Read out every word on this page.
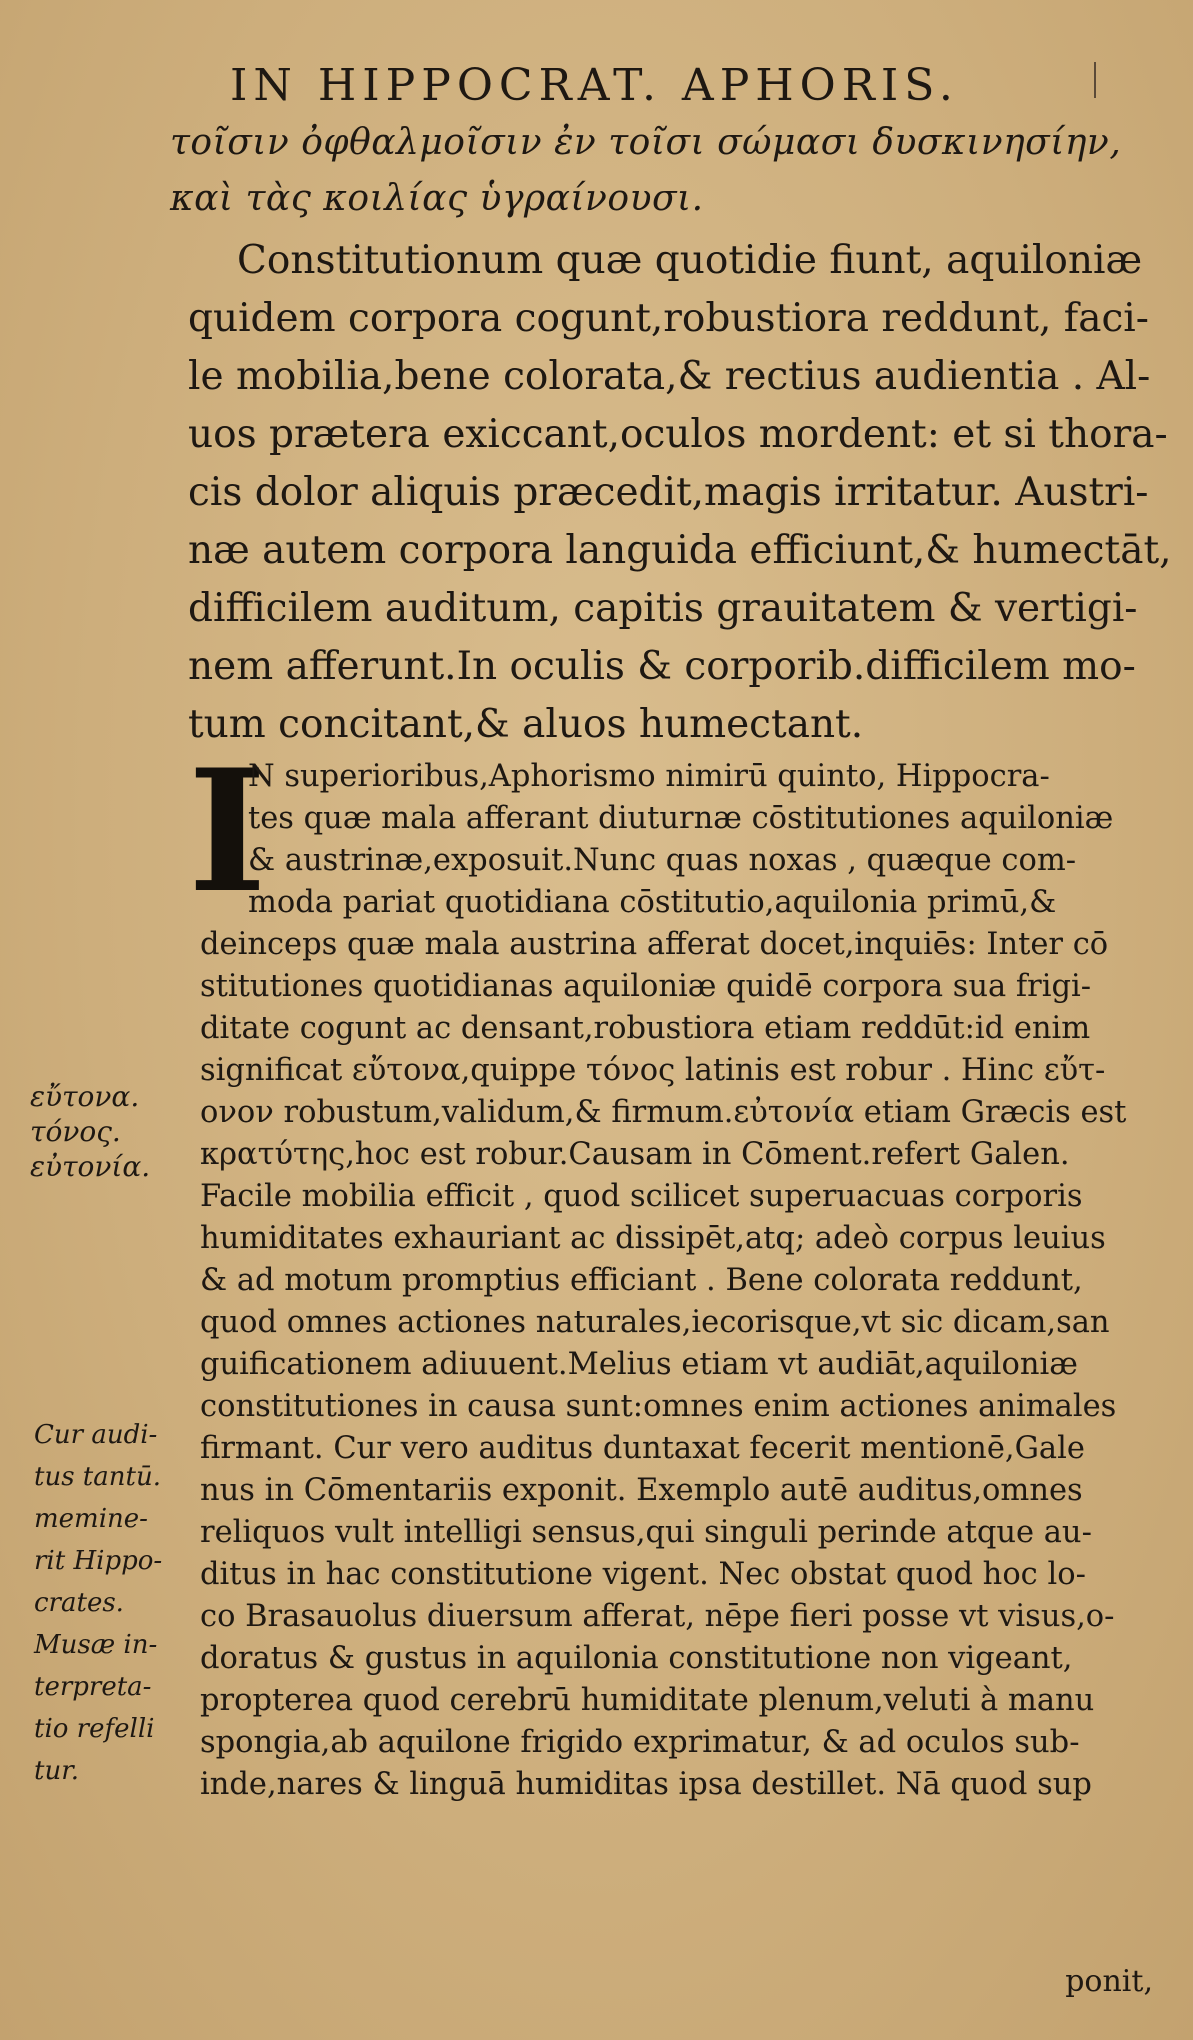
IN HIPPOCRAT. APHORIS.
τοῖσιν ὀφθαλμοῖσιν ἐν τοῖσι σώμασι δυσκινησίην,
καὶ τὰς κοιλίας ὑγραίνουσι.
Constitutionum quæ quotidie fiunt, aquiloniæ
quidem corpora cogunt,robustiora reddunt, faci-
le mobilia,bene colorata,& rectius audientia . Al-
uos prætera exiccant,oculos mordent: et si thora-
cis dolor aliquis præcedit,magis irritatur. Austri-
næ autem corpora languida efficiunt,& humectāt,
difficilem auditum, capitis grauitatem & vertigi-
nem afferunt.In oculis & corporib.difficilem mo-
tum concitant,& aluos humectant.
I
N superioribus,Aphorismo nimirū quinto, Hippocra-
tes quæ mala afferant diuturnæ cōstitutiones aquiloniæ
& austrinæ,exposuit.Nunc quas noxas , quæque com-
moda pariat quotidiana cōstitutio,aquilonia primū,&
deinceps quæ mala austrina afferat docet,inquiēs: Inter cō
stitutiones quotidianas aquiloniæ quidē corpora sua frigi-
ditate cogunt ac densant,robustiora etiam reddūt:id enim
significat εὔτονα,quippe τόνος latinis est robur . Hinc εὔτ-
ονον robustum,validum,& firmum.εὐτονία etiam Græcis est
κρατύτης,hoc est robur.Causam in Cōment.refert Galen.
Facile mobilia efficit , quod scilicet superuacuas corporis
humiditates exhauriant ac dissipēt,atq; adeò corpus leuius
& ad motum promptius efficiant . Bene colorata reddunt,
quod omnes actiones naturales,iecorisque,vt sic dicam,san
guificationem adiuuent.Melius etiam vt audiāt,aquiloniæ
constitutiones in causa sunt:omnes enim actiones animales
firmant. Cur vero auditus duntaxat fecerit mentionē,Gale
nus in Cōmentariis exponit. Exemplo autē auditus,omnes
reliquos vult intelligi sensus,qui singuli perinde atque au-
ditus in hac constitutione vigent. Nec obstat quod hoc lo-
co Brasauolus diuersum afferat, nēpe fieri posse vt visus,o-
doratus & gustus in aquilonia constitutione non vigeant,
propterea quod cerebrū humiditate plenum,veluti à manu
spongia,ab aquilone frigido exprimatur, & ad oculos sub-
inde,nares & linguā humiditas ipsa destillet. Nā quod sup
εὔτονα.
τόνος.
εὐτονία.
Cur audi-
tus tantū.
memine-
rit Hippo-
crates.
Musæ in-
terpreta-
tio refelli
tur.
ponit,
